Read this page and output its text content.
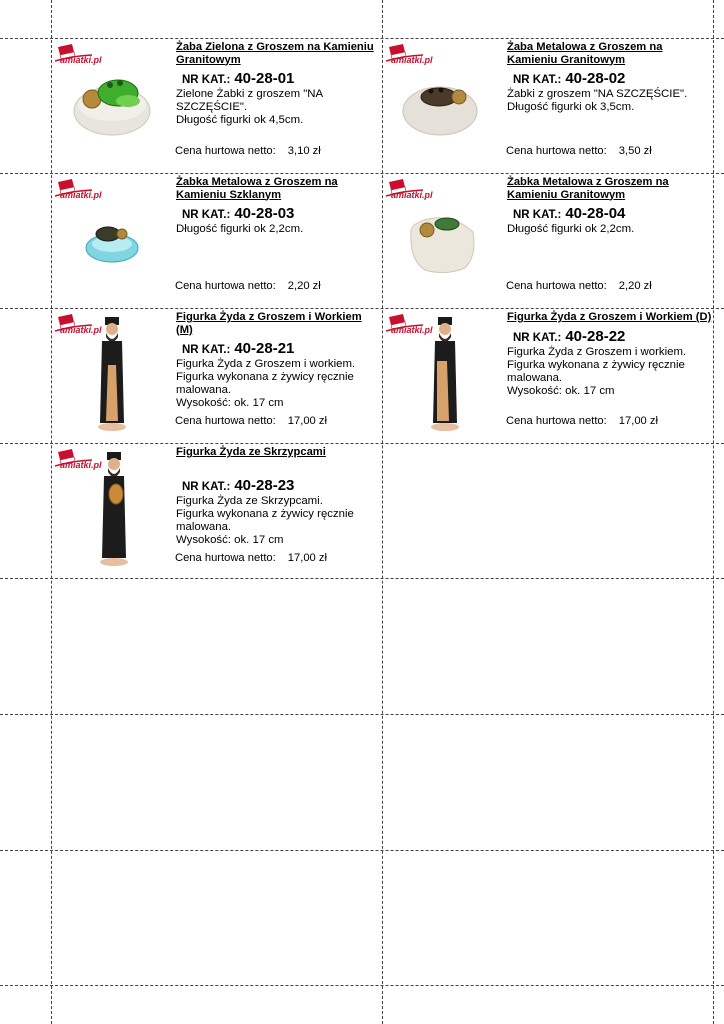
amiatki.pl
Żaba Zielona z Groszem na Kamieniu Granitowym
NR KAT.: 40-28-01
Zielone Żabki z groszem "NA SZCZĘŚCIE".
Długość figurki ok 4,5cm.
Cena hurtowa netto: 3,10 zł
amiatki.pl
Żaba Metalowa z Groszem na Kamieniu Granitowym
NR KAT.: 40-28-02
Żabki z groszem "NA SZCZĘŚCIE".
Długość figurki ok 3,5cm.
Cena hurtowa netto: 3,50 zł
amiatki.pl
Żabka Metalowa z Groszem na Kamieniu Szklanym
NR KAT.: 40-28-03
Długość figurki ok 2,2cm.
Cena hurtowa netto: 2,20 zł
amiatki.pl
Żabka Metalowa z Groszem na Kamieniu Granitowym
NR KAT.: 40-28-04
Długość figurki ok 2,2cm.
Cena hurtowa netto: 2,20 zł
amiatki.pl
Figurka Żyda z Groszem i Workiem (M)
NR KAT.: 40-28-21
Figurka Żyda z Groszem i workiem.
Figurka wykonana z żywicy ręcznie malowana.
Wysokość: ok. 17 cm
Cena hurtowa netto: 17,00 zł
amiatki.pl
Figurka Żyda z Groszem i Workiem (D)
NR KAT.: 40-28-22
Figurka Żyda z Groszem i workiem.
Figurka wykonana z żywicy ręcznie malowana.
Wysokość: ok. 17 cm
Cena hurtowa netto: 17,00 zł
amiatki.pl
Figurka Żyda ze Skrzypcami
NR KAT.: 40-28-23
Figurka Żyda ze Skrzypcami.
Figurka wykonana z żywicy ręcznie malowana.
Wysokość: ok. 17 cm
Cena hurtowa netto: 17,00 zł
